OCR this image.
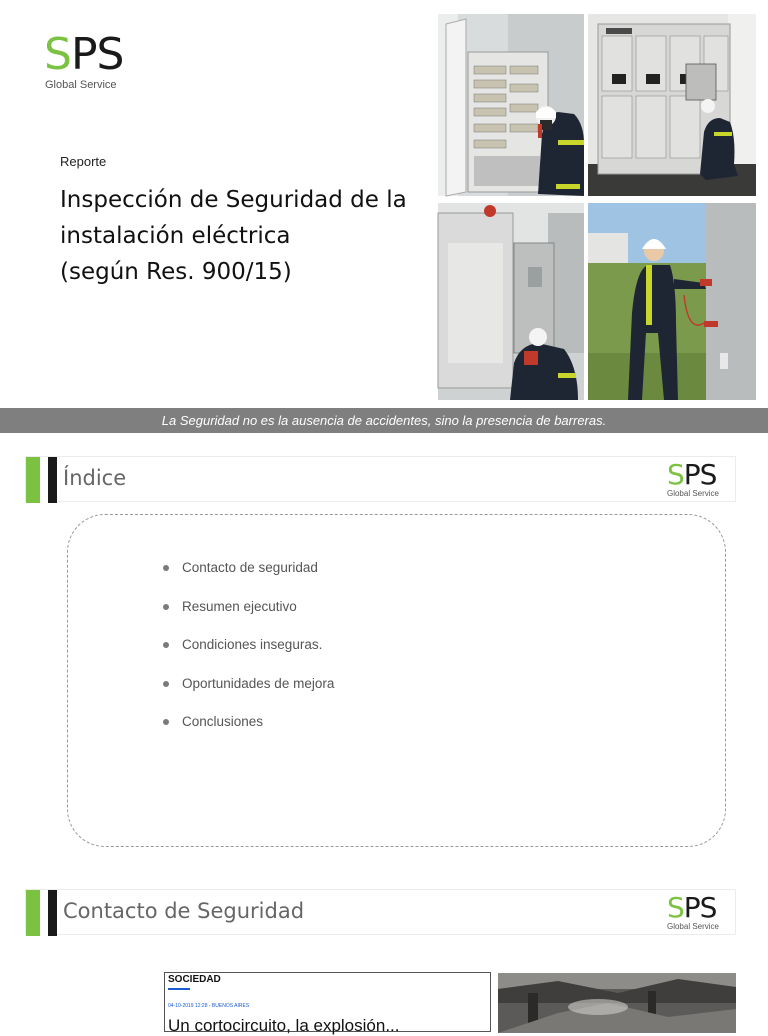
SPS
Global Service
Reporte
Inspección de Seguridad de la
instalación eléctrica
(según Res. 900/15)
La Seguridad no es la ausencia de accidentes, sino la presencia de barreras.
Índice	SPS
Global Service
Contacto de seguridad
Resumen ejecutivo
Condiciones inseguras.
Oportunidades de mejora
Conclusiones
Contacto de Seguridad	SPS
Global Service
SOCIEDAD
04-10-2019 12:28 - BUENOS AIRES
Un cortocircuito, la explosión...
